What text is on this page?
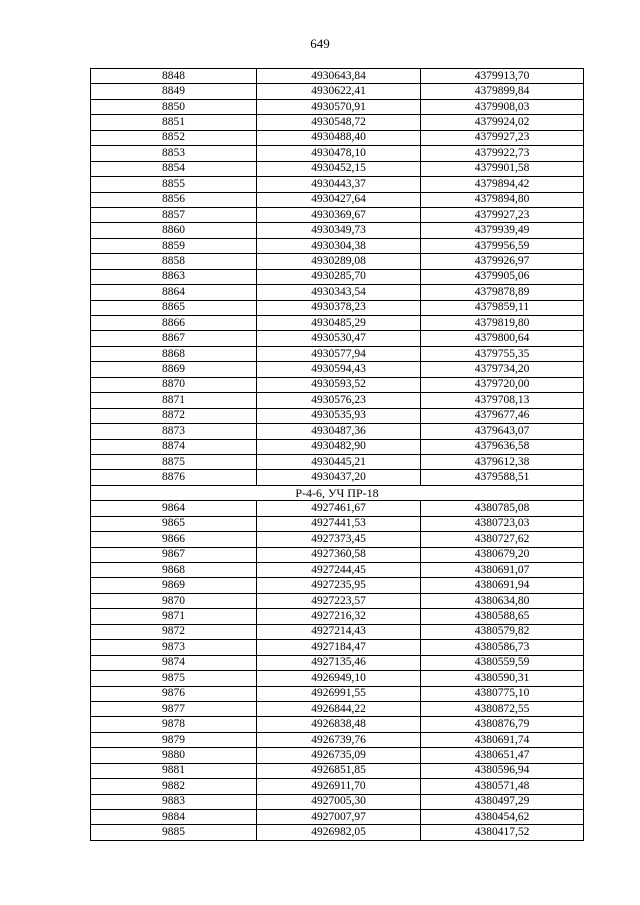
649
8848	4930643,84	4379913,70
8849	4930622,41	4379899,84
8850	4930570,91	4379908,03
8851	4930548,72	4379924,02
8852	4930488,40	4379927,23
8853	4930478,10	4379922,73
8854	4930452,15	4379901,58
8855	4930443,37	4379894,42
8856	4930427,64	4379894,80
8857	4930369,67	4379927,23
8860	4930349,73	4379939,49
8859	4930304,38	4379956,59
8858	4930289,08	4379926,97
8863	4930285,70	4379905,06
8864	4930343,54	4379878,89
8865	4930378,23	4379859,11
8866	4930485,29	4379819,80
8867	4930530,47	4379800,64
8868	4930577,94	4379755,35
8869	4930594,43	4379734,20
8870	4930593,52	4379720,00
8871	4930576,23	4379708,13
8872	4930535,93	4379677,46
8873	4930487,36	4379643,07
8874	4930482,90	4379636,58
8875	4930445,21	4379612,38
8876	4930437,20	4379588,51
Р-4-6, УЧ ПР-18		
9864	4927461,67	4380785,08
9865	4927441,53	4380723,03
9866	4927373,45	4380727,62
9867	4927360,58	4380679,20
9868	4927244,45	4380691,07
9869	4927235,95	4380691,94
9870	4927223,57	4380634,80
9871	4927216,32	4380588,65
9872	4927214,43	4380579,82
9873	4927184,47	4380586,73
9874	4927135,46	4380559,59
9875	4926949,10	4380590,31
9876	4926991,55	4380775,10
9877	4926844,22	4380872,55
9878	4926838,48	4380876,79
9879	4926739,76	4380691,74
9880	4926735,09	4380651,47
9881	4926851,85	4380596,94
9882	4926911,70	4380571,48
9883	4927005,30	4380497,29
9884	4927007,97	4380454,62
9885	4926982,05	4380417,52
